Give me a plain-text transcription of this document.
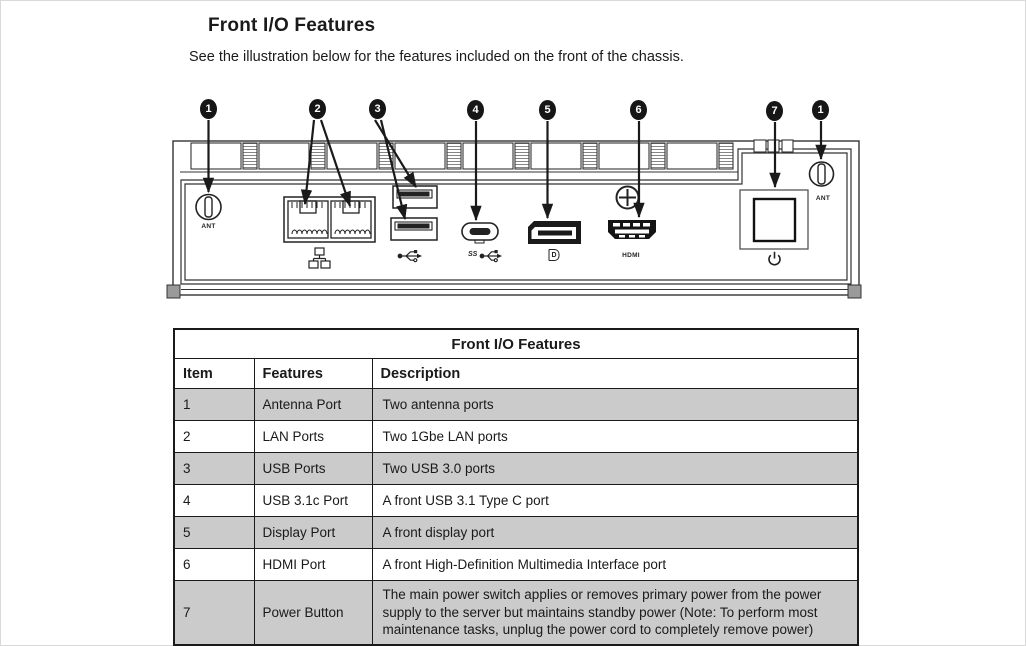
Front I/O Features
See the illustration below for the features included on the front of the chassis.
1	2	3	4	5	6	7	1
ANT
ANT
SS	D	HDMI
Front I/O Features		
Item	Features	Description
1	Antenna Port	Two antenna ports
2	LAN Ports	Two 1Gbe LAN ports
3	USB Ports	Two USB 3.0 ports
4	USB 3.1c Port	A front USB 3.1 Type C port
5	Display Port	A front display port
6	HDMI Port	A front High-Definition Multimedia Interface port
7	Power Button	The main power switch applies or removes primary power from the power supply to the server but maintains standby power (Note: To perform most maintenance tasks, unplug the power cord to completely remove power)
